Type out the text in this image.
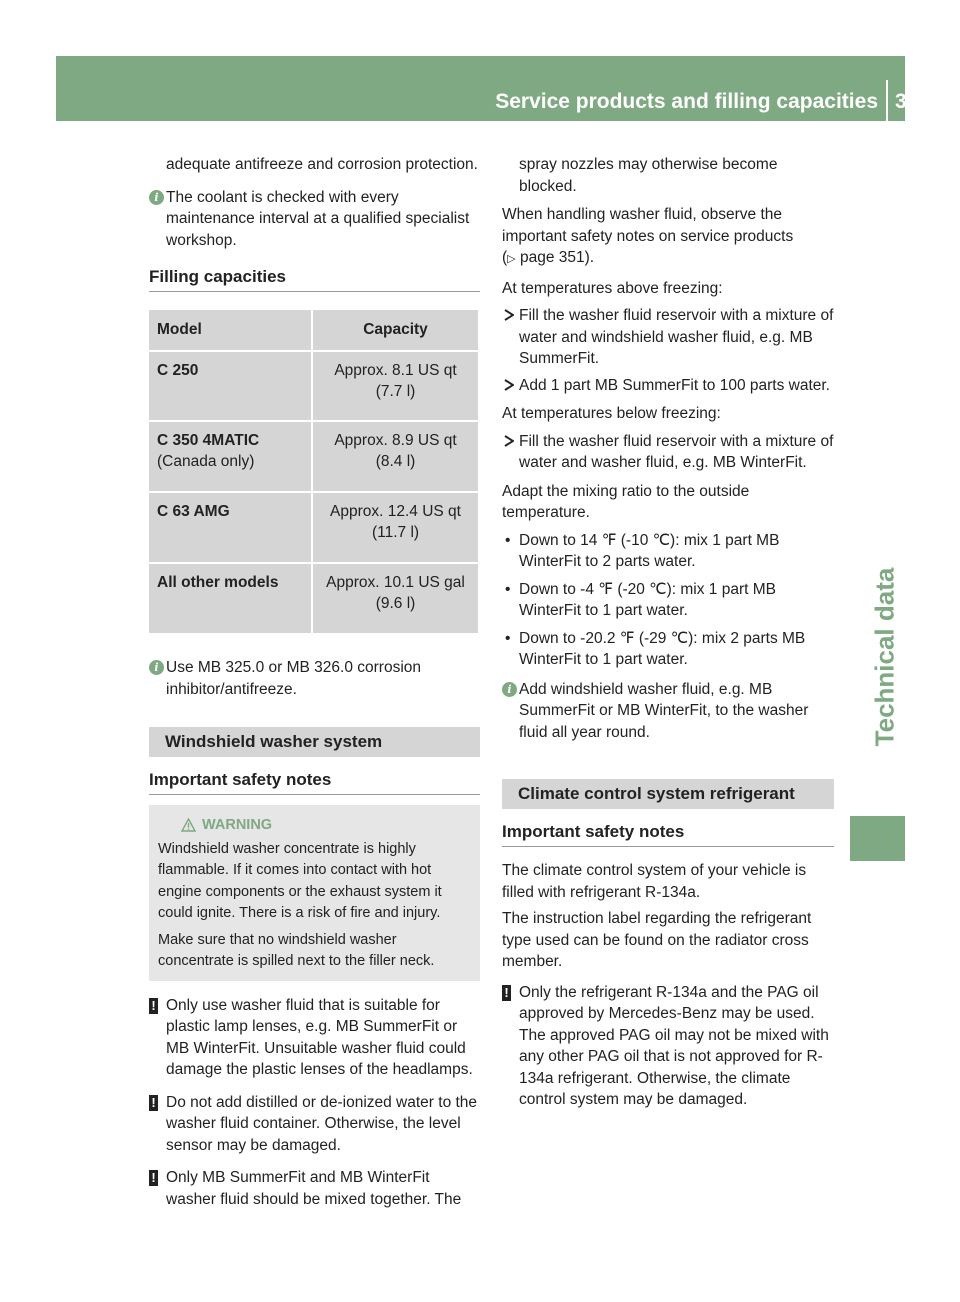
Service products and filling capacities 357
Technical data

adequate antifreeze and corrosion protection.

i The coolant is checked with every maintenance interval at a qualified specialist workshop.
Filling capacities
Model	Capacity
C 250	Approx. 8.1 US qt
(7.7 l)
C 350 4MATIC
(Canada only)	Approx. 8.9 US qt
(8.4 l)
C 63 AMG	Approx. 12.4 US qt
(11.7 l)
All other models	Approx. 10.1 US gal
(9.6 l)
i Use MB 325.0 or MB 326.0 corrosion inhibitor/antifreeze.
Windshield washer system
Important safety notes
WARNING

Windshield washer concentrate is highly flammable. If it comes into contact with hot engine components or the exhaust system it could ignite. There is a risk of fire and injury.

Make sure that no windshield washer concentrate is spilled next to the filler neck.

! Only use washer fluid that is suitable for plastic lamp lenses, e.g. MB SummerFit or MB WinterFit. Unsuitable washer fluid could damage the plastic lenses of the headlamps.
! Do not add distilled or de-ionized water to the washer fluid container. Otherwise, the level sensor may be damaged.
! Only MB SummerFit and MB WinterFit washer fluid should be mixed together. The

spray nozzles may otherwise become blocked.

When handling washer fluid, observe the important safety notes on service products (▷ page 351).

At temperatures above freezing:

Fill the washer fluid reservoir with a mixture of water and windshield washer fluid, e.g. MB SummerFit.
Add 1 part MB SummerFit to 100 parts water.

At temperatures below freezing:

Fill the washer fluid reservoir with a mixture of water and washer fluid, e.g. MB WinterFit.

Adapt the mixing ratio to the outside temperature.

• Down to 14 ℉ (‑10 ℃): mix 1 part MB WinterFit to 2 parts water.
• Down to ‑4 ℉ (‑20 ℃): mix 1 part MB WinterFit to 1 part water.
• Down to ‑20.2 ℉ (‑29 ℃): mix 2 parts MB WinterFit to 1 part water.
i Add windshield washer fluid, e.g. MB SummerFit or MB WinterFit, to the washer fluid all year round.
Climate control system refrigerant
Important safety notes

The climate control system of your vehicle is filled with refrigerant R-134a.

The instruction label regarding the refrigerant type used can be found on the radiator cross member.

! Only the refrigerant R-134a and the PAG oil approved by Mercedes-Benz may be used. The approved PAG oil may not be mixed with any other PAG oil that is not approved for R-134a refrigerant. Otherwise, the climate control system may be damaged.
